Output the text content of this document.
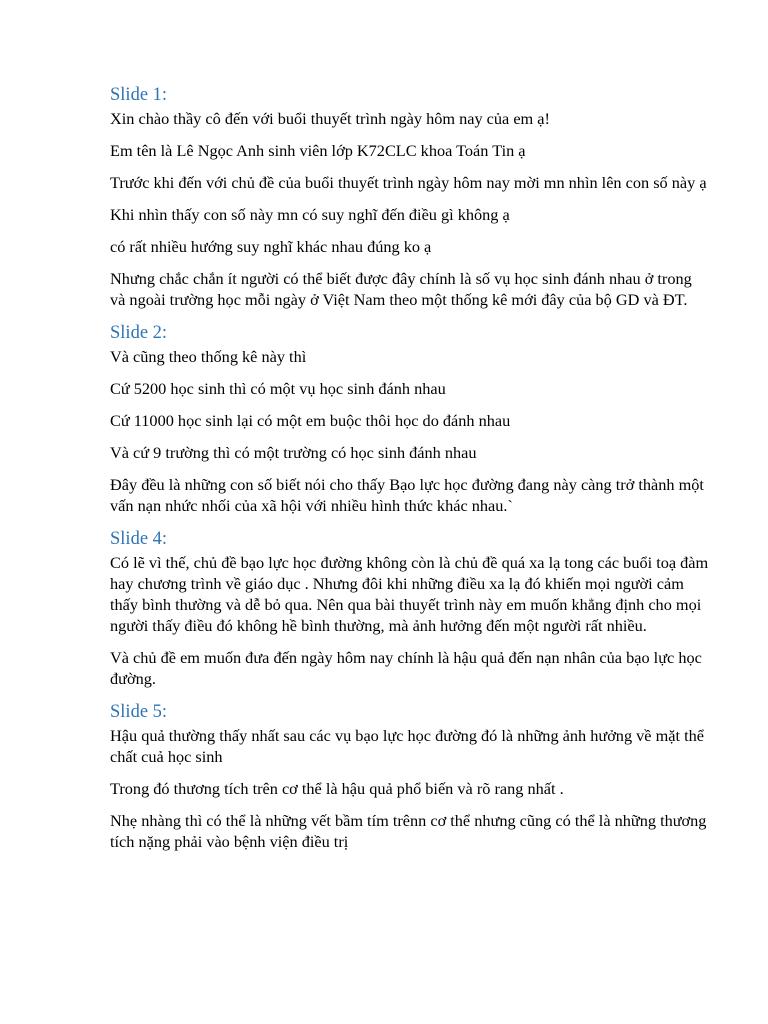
Slide 1:

Xin chào thầy cô đến với buổi thuyết trình ngày hôm nay của em ạ!

Em tên là Lê Ngọc Anh sinh viên lớp K72CLC khoa Toán Tin ạ

Trước khi đến với chủ đề của buổi thuyết trình ngày hôm nay mời mn nhìn lên con số này ạ

Khi nhìn thấy con số này mn có suy nghĩ đến điều gì không ạ

có rất nhiều hướng suy nghĩ khác nhau đúng ko ạ

Nhưng chắc chắn ít người có thể biết được đây chính là số vụ học sinh đánh nhau ở trong và ngoài trường học mỗi ngày ở Việt Nam theo một thống kê mới đây của bộ GD và ĐT.

Slide 2:

Và cũng theo thống kê này thì

Cứ 5200 học sinh thì có một vụ học sinh đánh nhau

Cứ 11000 học sinh lại có một em buộc thôi học do đánh nhau

Và cứ 9 trường thì có một trường có học sinh đánh nhau

Đây đều là những con số biết nói cho thấy Bạo lực học đường đang này càng trở thành một vấn nạn nhức nhối của xã hội với nhiều hình thức khác nhau.`

Slide 4:

Có lẽ vì thế, chủ đề bạo lực học đường không còn là chủ đề quá xa lạ tong các buổi toạ đàm hay chương trình về giáo dục . Nhưng đôi khi những điều xa lạ đó khiến mọi người cảm thấy bình thường và dễ bỏ qua. Nên qua bài thuyết trình này em muốn khẳng định cho mọi người thấy điều đó không hề bình thường, mà ảnh hưởng đến một người rất nhiều.

Và chủ đề em muốn đưa đến ngày hôm nay chính là hậu quả đến nạn nhân của bạo lực học đường.

Slide 5:

Hậu quả thường thấy nhất sau các vụ bạo lực học đường đó là những ảnh hưởng về mặt thể chất cuả học sinh

Trong đó thương tích trên cơ thể là hậu quả phổ biến và rõ rang nhất .

Nhẹ nhàng thì có thể là những vết bầm tím trênn cơ thể nhưng cũng có thể là những thương tích nặng phải vào bệnh viện điều trị
